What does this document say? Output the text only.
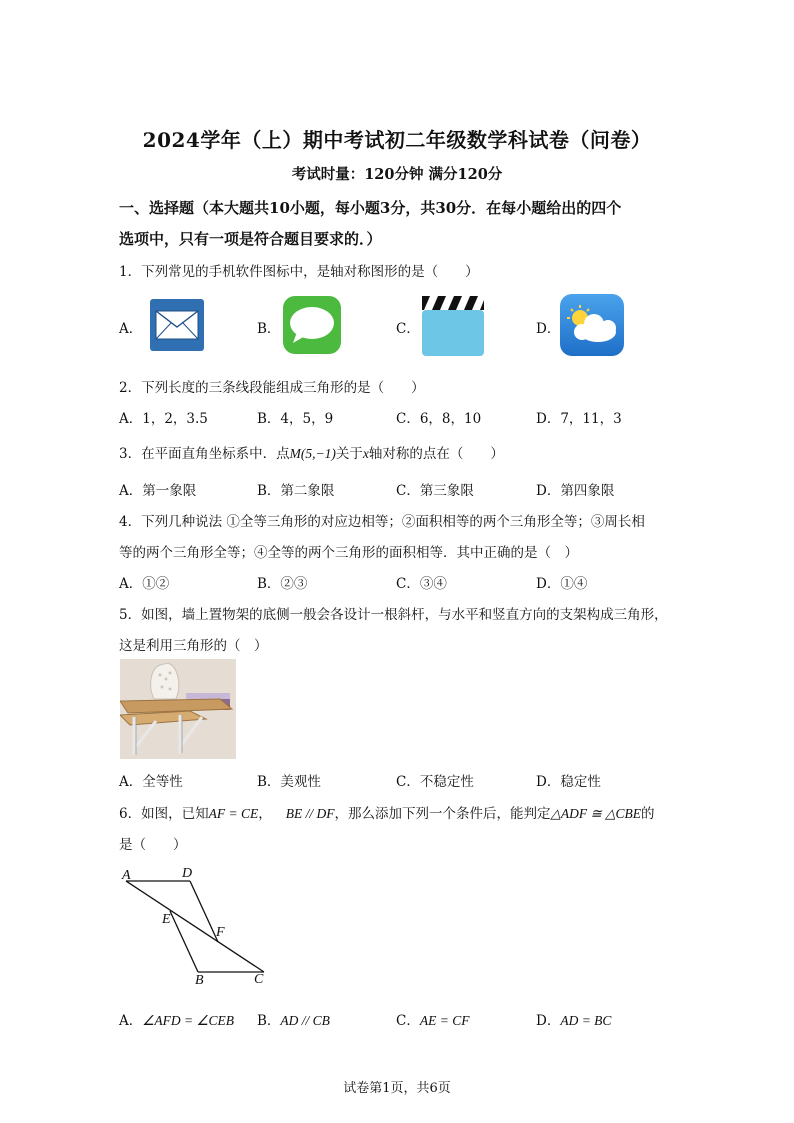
2024学年（上）期中考试初二年级数学科试卷（问卷）
考试时量：120分钟 满分120分
一、选择题（本大题共10小题，每小题3分，共30分．在每小题给出的四个
选项中，只有一项是符合题目要求的．）
1．下列常见的手机软件图标中，是轴对称图形的是（　　）
A．	B．	C．	D．
2．下列长度的三条线段能组成三角形的是（　　）
A．1，2，3.5	B．4，5，9	C．6，8，10	D．7，11，3
3．在平面直角坐标系中．点M(5,−1)关于x轴对称的点在（　　）
A．第一象限	B．第二象限	C．第三象限	D．第四象限
4．下列几种说法 ①全等三角形的对应边相等；②面积相等的两个三角形全等；③周长相
等的两个三角形全等；④全等的两个三角形的面积相等．其中正确的是（　）
A．①②	B．②③	C．③④	D．①④
5．如图，墙上置物架的底侧一般会各设计一根斜杆，与水平和竖直方向的支架构成三角形，
这是利用三角形的（　）
A．全等性	B．美观性	C．不稳定性	D．稳定性
6．如图，已知AF = CE， BE // DF，那么添加下列一个条件后，能判定△ADF ≅ △CBE的
是（　　）
A	D
E
F
B	C
A．∠AFD = ∠CEB B．AD // CB	C．AE = CF	D．AD = BC
试卷第1页，共6页
